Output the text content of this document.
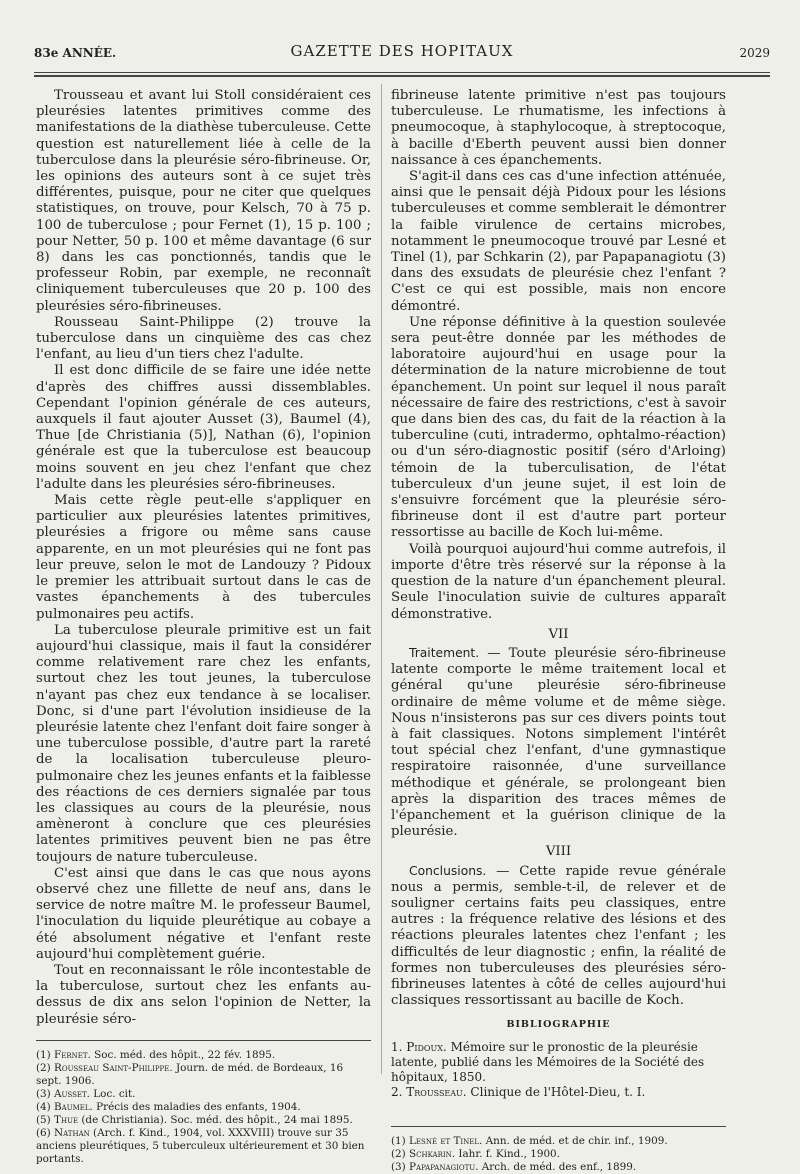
83e ANNÉE.	GAZETTE DES HOPITAUX	2029

Trousseau et avant lui Stoll considéraient ces pleurésies latentes primitives comme des manifestations de la diathèse tuberculeuse. Cette question est naturellement liée à celle de la tuberculose dans la pleurésie séro-fibrineuse. Or, les opinions des auteurs sont à ce sujet très différentes, puisque, pour ne citer que quelques statistiques, on trouve, pour Kelsch, 70 à 75 p. 100 de tuberculose ; pour Fernet (1), 15 p. 100 ; pour Netter, 50 p. 100 et même davantage (6 sur 8) dans les cas ponctionnés, tandis que le professeur Robin, par exemple, ne reconnaît cliniquement tuberculeuses que 20 p. 100 des pleurésies séro-fibrineuses.

Rousseau Saint-Philippe (2) trouve la tuberculose dans un cinquième des cas chez l'enfant, au lieu d'un tiers chez l'adulte.

Il est donc difficile de se faire une idée nette d'après des chiffres aussi dissemblables. Cependant l'opinion générale de ces auteurs, auxquels il faut ajouter Ausset (3), Baumel (4), Thue [de Christiania (5)], Nathan (6), l'opinion générale est que la tuberculose est beaucoup moins souvent en jeu chez l'enfant que chez l'adulte dans les pleurésies séro-fibrineuses.

Mais cette règle peut-elle s'appliquer en particulier aux pleurésies latentes primitives, pleurésies a frigore ou même sans cause apparente, en un mot pleurésies qui ne font pas leur preuve, selon le mot de Landouzy ? Pidoux le premier les attribuait surtout dans le cas de vastes épanchements à des tubercules pulmonaires peu actifs.

La tuberculose pleurale primitive est un fait aujourd'hui classique, mais il faut la considérer comme relativement rare chez les enfants, surtout chez les tout jeunes, la tuberculose n'ayant pas chez eux tendance à se localiser. Donc, si d'une part l'évolution insidieuse de la pleurésie latente chez l'enfant doit faire songer à une tuberculose possible, d'autre part la rareté de la localisation tuberculeuse pleuro-pulmonaire chez les jeunes enfants et la faiblesse des réactions de ces derniers signalée par tous les classiques au cours de la pleurésie, nous amèneront à conclure que ces pleurésies latentes primitives peuvent bien ne pas être toujours de nature tuberculeuse.

C'est ainsi que dans le cas que nous ayons observé chez une fillette de neuf ans, dans le service de notre maître M. le professeur Baumel, l'inoculation du liquide pleurétique au cobaye a été absolument négative et l'enfant reste aujourd'hui complètement guérie.

Tout en reconnaissant le rôle incontestable de la tuberculose, surtout chez les enfants au-dessus de dix ans selon l'opinion de Netter, la pleurésie séro-

(1) Fernet. Soc. méd. des hôpit., 22 fév. 1895.

(2) Rousseau Saint-Philippe. Journ. de méd. de Bordeaux, 16 sept. 1906.

(3) Ausset. Loc. cit.

(4) Baumel. Précis des maladies des enfants, 1904.

(5) Thue (de Christiania). Soc. méd. des hôpit., 24 mai 1895.

(6) Nathan (Arch. f. Kind., 1904, vol. XXXVIII) trouve sur 35 anciens pleurétiques, 5 tuberculeux ultérieurement et 30 bien portants.

fibrineuse latente primitive n'est pas toujours tuberculeuse. Le rhumatisme, les infections à pneumocoque, à staphylocoque, à streptocoque, à bacille d'Eberth peuvent aussi bien donner naissance à ces épanchements.

S'agit-il dans ces cas d'une infection atténuée, ainsi que le pensait déjà Pidoux pour les lésions tuberculeuses et comme semblerait le démontrer la faible virulence de certains microbes, notamment le pneumocoque trouvé par Lesné et Tinel (1), par Schkarin (2), par Papapanagiotu (3) dans des exsudats de pleurésie chez l'enfant ? C'est ce qui est possible, mais non encore démontré.

Une réponse définitive à la question soulevée sera peut-être donnée par les méthodes de laboratoire aujourd'hui en usage pour la détermination de la nature microbienne de tout épanchement. Un point sur lequel il nous paraît nécessaire de faire des restrictions, c'est à savoir que dans bien des cas, du fait de la réaction à la tuberculine (cuti, intradermo, ophtalmo-réaction) ou d'un séro-diagnostic positif (séro d'Arloing) témoin de la tuberculisation, de l'état tuberculeux d'un jeune sujet, il est loin de s'ensuivre forcément que la pleurésie séro-fibrineuse dont il est d'autre part porteur ressortisse au bacille de Koch lui-même.

Voilà pourquoi aujourd'hui comme autrefois, il importe d'être très réservé sur la réponse à la question de la nature d'un épanchement pleural. Seule l'inoculation suivie de cultures apparaît démonstrative.

VII

Traitement. — Toute pleurésie séro-fibrineuse latente comporte le même traitement local et général qu'une pleurésie séro-fibrineuse ordinaire de même volume et de même siège. Nous n'insisterons pas sur ces divers points tout à fait classiques. Notons simplement l'intérêt tout spécial chez l'enfant, d'une gymnastique respiratoire raisonnée, d'une surveillance méthodique et générale, se prolongeant bien après la disparition des traces mêmes de l'épanchement et la guérison clinique de la pleurésie.

VIII

Conclusions. — Cette rapide revue générale nous a permis, semble-t-il, de relever et de souligner certains faits peu classiques, entre autres : la fréquence relative des lésions et des réactions pleurales latentes chez l'enfant ; les difficultés de leur diagnostic ; enfin, la réalité de formes non tuberculeuses des pleurésies séro-fibrineuses latentes à côté de celles aujourd'hui classiques ressortissant au bacille de Koch.

BIBLIOGRAPHIE

1. Pidoux. Mémoire sur le pronostic de la pleurésie latente, publié dans les Mémoires de la Société des hôpitaux, 1850.

2. Trousseau. Clinique de l'Hôtel-Dieu, t. I.

(1) Lesné et Tinel. Ann. de méd. et de chir. inf., 1909.

(2) Schkarin. Iahr. f. Kind., 1900.

(3) Papapanagiotu. Arch. de méd. des enf., 1899.
